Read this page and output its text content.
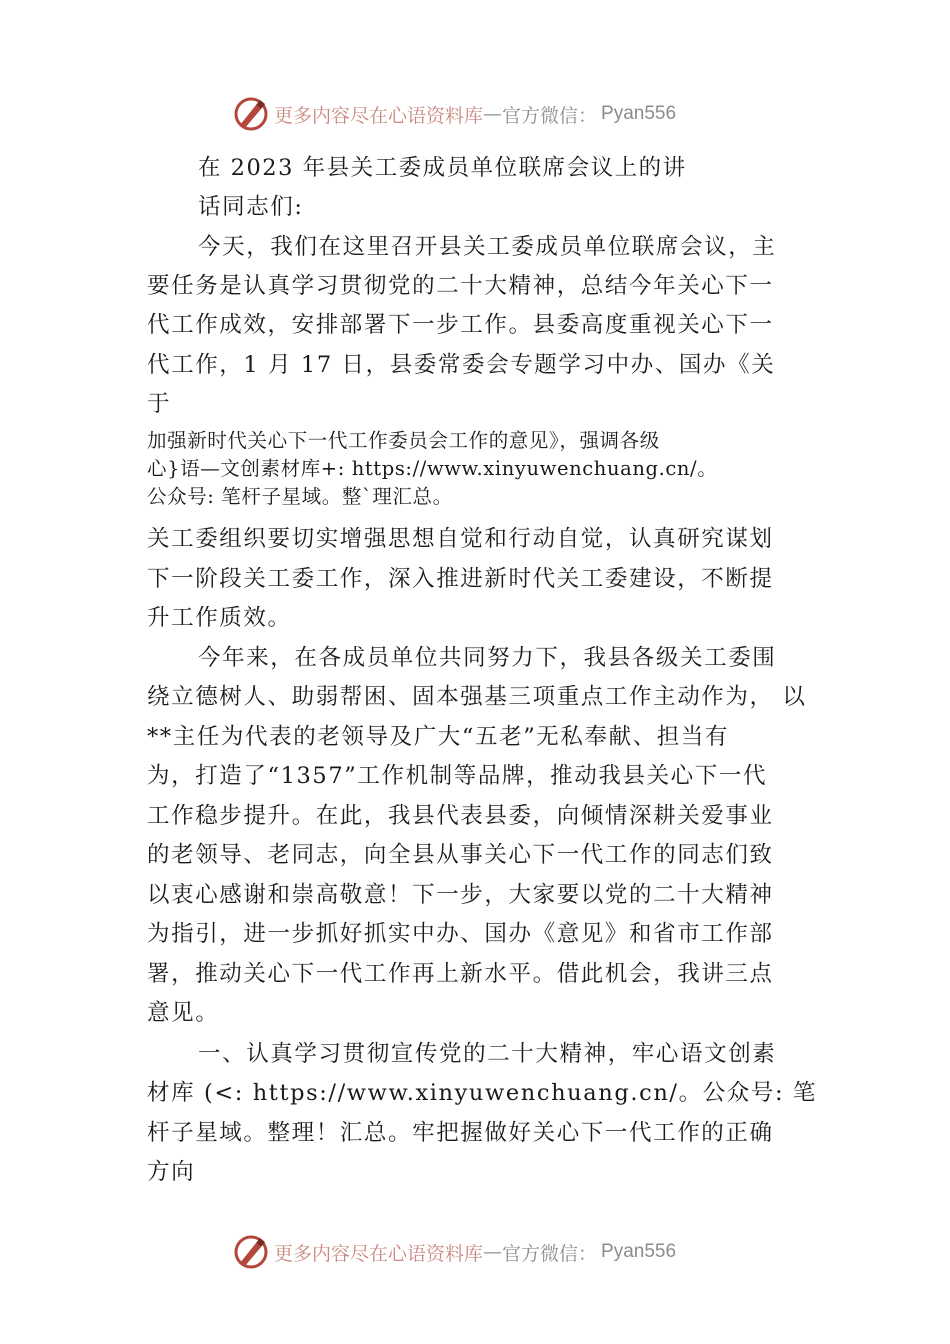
更多内容尽在心语资料库 — 官方微信： Pyan556
在 2023 年县关工委成员单位联席会议上的讲
话同志们:
今天，我们在这里召开县关工委成员单位联席会议，主
要任务是认真学习贯彻党的二十大精神，总结今年关心下一
代工作成效，安排部署下一步工作。县委高度重视关心下一
代工作，1 月 17 日，县委常委会专题学习中办、国办《关
于
加强新时代关心下一代工作委员会工作的意见》，强调各级
心}语—文创素材库+: https://www.xinyuwenchuang.cn/。
公众号: 笔杆子星域。整`理汇总。
关工委组织要切实增强思想自觉和行动自觉，认真研究谋划
下一阶段关工委工作，深入推进新时代关工委建设，不断提
升工作质效。
今年来，在各成员单位共同努力下，我县各级关工委围
绕立德树人、助弱帮困、固本强基三项重点工作主动作为， 以
**主任为代表的老领导及广大“五老”无私奉献、担当有
为，打造了“1357”工作机制等品牌，推动我县关心下一代
工作稳步提升。在此，我县代表县委，向倾情深耕关爱事业
的老领导、老同志，向全县从事关心下一代工作的同志们致
以衷心感谢和崇高敬意！下一步，大家要以党的二十大精神
为指引，进一步抓好抓实中办、国办《意见》和省市工作部
署，推动关心下一代工作再上新水平。借此机会，我讲三点
意见。
一、认真学习贯彻宣传党的二十大精神，牢心语文创素
材库 (<: https://www.xinyuwenchuang.cn/。公众号: 笔
杆子星域。整理！汇总。牢把握做好关心下一代工作的正确
方向
更多内容尽在心语资料库 — 官方微信： Pyan556
